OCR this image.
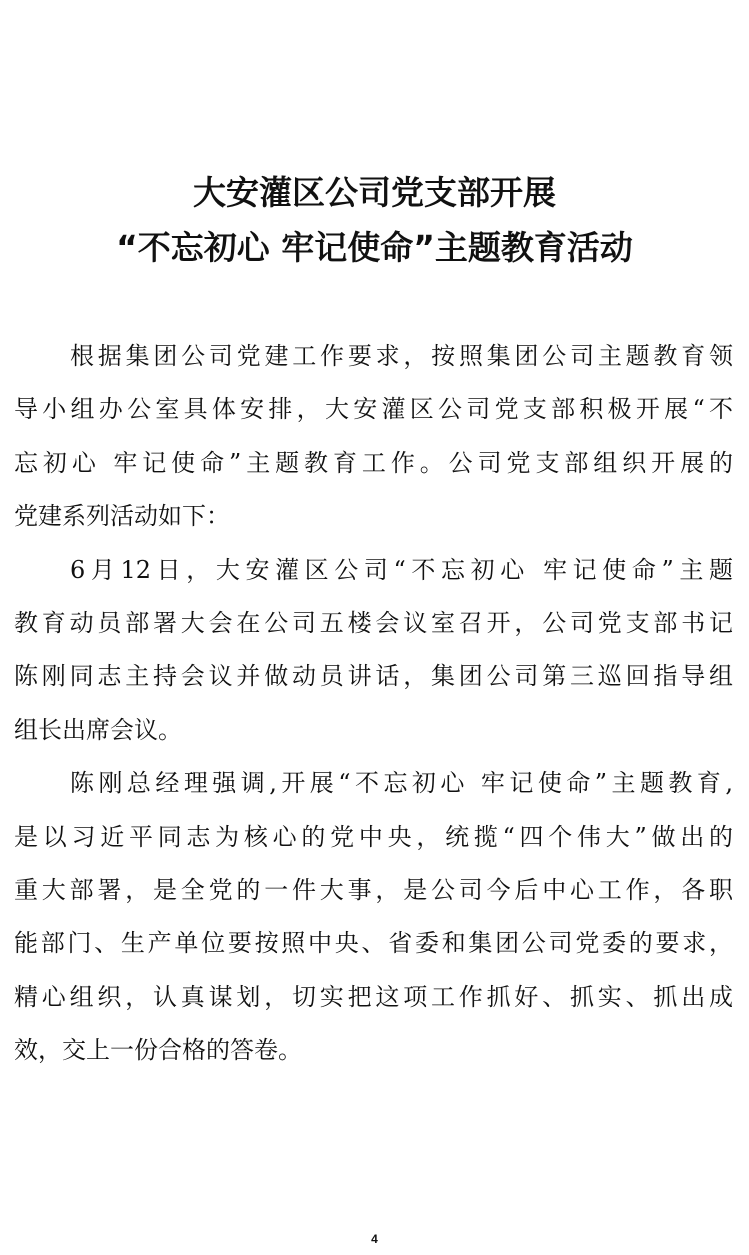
大安灌区公司党支部开展
“不忘初心 牢记使命”主题教育活动
根据集团公司党建工作要求，按照集团公司主题教育领
导小组办公室具体安排，大安灌区公司党支部积极开展“不
忘初心 牢记使命”主题教育工作。公司党支部组织开展的
党建系列活动如下：
6月12日，大安灌区公司“不忘初心 牢记使命”主题
教育动员部署大会在公司五楼会议室召开，公司党支部书记
陈刚同志主持会议并做动员讲话，集团公司第三巡回指导组
组长出席会议。
陈刚总经理强调,开展“不忘初心 牢记使命”主题教育,
是以习近平同志为核心的党中央，统揽“四个伟大”做出的
重大部署，是全党的一件大事，是公司今后中心工作，各职
能部门、生产单位要按照中央、省委和集团公司党委的要求，
精心组织，认真谋划，切实把这项工作抓好、抓实、抓出成
效，交上一份合格的答卷。
4
